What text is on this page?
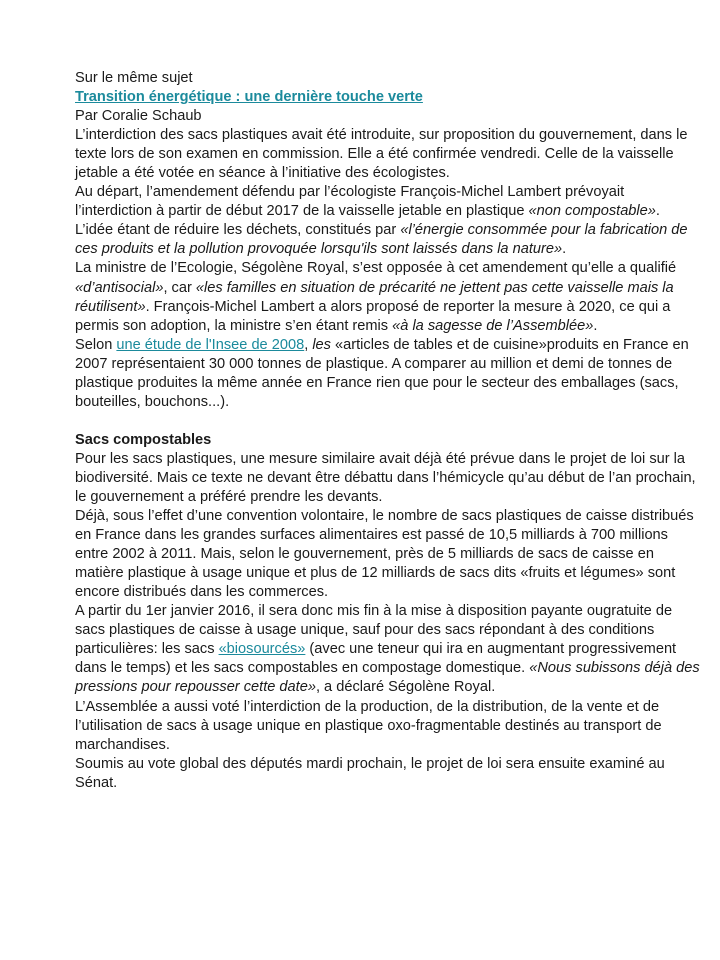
Sur le même sujet

Transition énergétique : une dernière touche verte

Par Coralie Schaub

L’interdiction des sacs plastiques avait été introduite, sur proposition du gouvernement, dans le texte lors de son examen en commission. Elle a été confirmée vendredi. Celle de la vaisselle jetable a été votée en séance à l’initiative des écologistes.

Au départ, l’amendement défendu par l’écologiste François-Michel Lambert prévoyait l’interdiction à partir de début 2017 de la vaisselle jetable en plastique «non compostable». L’idée étant de réduire les déchets, constitués par «l’énergie consommée pour la fabrication de ces produits et la pollution provoquée lorsqu'ils sont laissés dans la nature».

La ministre de l’Ecologie, Ségolène Royal, s’est opposée à cet amendement qu’elle a qualifié «d’antisocial», car «les familles en situation de précarité ne jettent pas cette vaisselle mais la réutilisent». François-Michel Lambert a alors proposé de reporter la mesure à 2020, ce qui a permis son adoption, la ministre s’en étant remis «à la sagesse de l’Assemblée».

Selon une étude de l'Insee de 2008, les «articles de tables et de cuisine»produits en France en 2007 représentaient 30 000 tonnes de plastique. A comparer au million et demi de tonnes de plastique produites la même année en France rien que pour le secteur des emballages (sacs, bouteilles, bouchons...).

Sacs compostables

Pour les sacs plastiques, une mesure similaire avait déjà été prévue dans le projet de loi sur la biodiversité. Mais ce texte ne devant être débattu dans l’hémicycle qu’au début de l’an prochain, le gouvernement a préféré prendre les devants.

Déjà, sous l’effet d’une convention volontaire, le nombre de sacs plastiques de caisse distribués en France dans les grandes surfaces alimentaires est passé de 10,5 milliards à 700 millions entre 2002 à 2011. Mais, selon le gouvernement, près de 5 milliards de sacs de caisse en matière plastique à usage unique et plus de 12 milliards de sacs dits «fruits et légumes» sont encore distribués dans les commerces.

A partir du 1er janvier 2016, il sera donc mis fin à la mise à disposition payante ougratuite de sacs plastiques de caisse à usage unique, sauf pour des sacs répondant à des conditions particulières: les sacs «biosourcés» (avec une teneur qui ira en augmentant progressivement dans le temps) et les sacs compostables en compostage domestique. «Nous subissons déjà des pressions pour repousser cette date», a déclaré Ségolène Royal.

L’Assemblée a aussi voté l’interdiction de la production, de la distribution, de la vente et de l’utilisation de sacs à usage unique en plastique oxo-fragmentable destinés au transport de marchandises.

Soumis au vote global des députés mardi prochain, le projet de loi sera ensuite examiné au Sénat.
